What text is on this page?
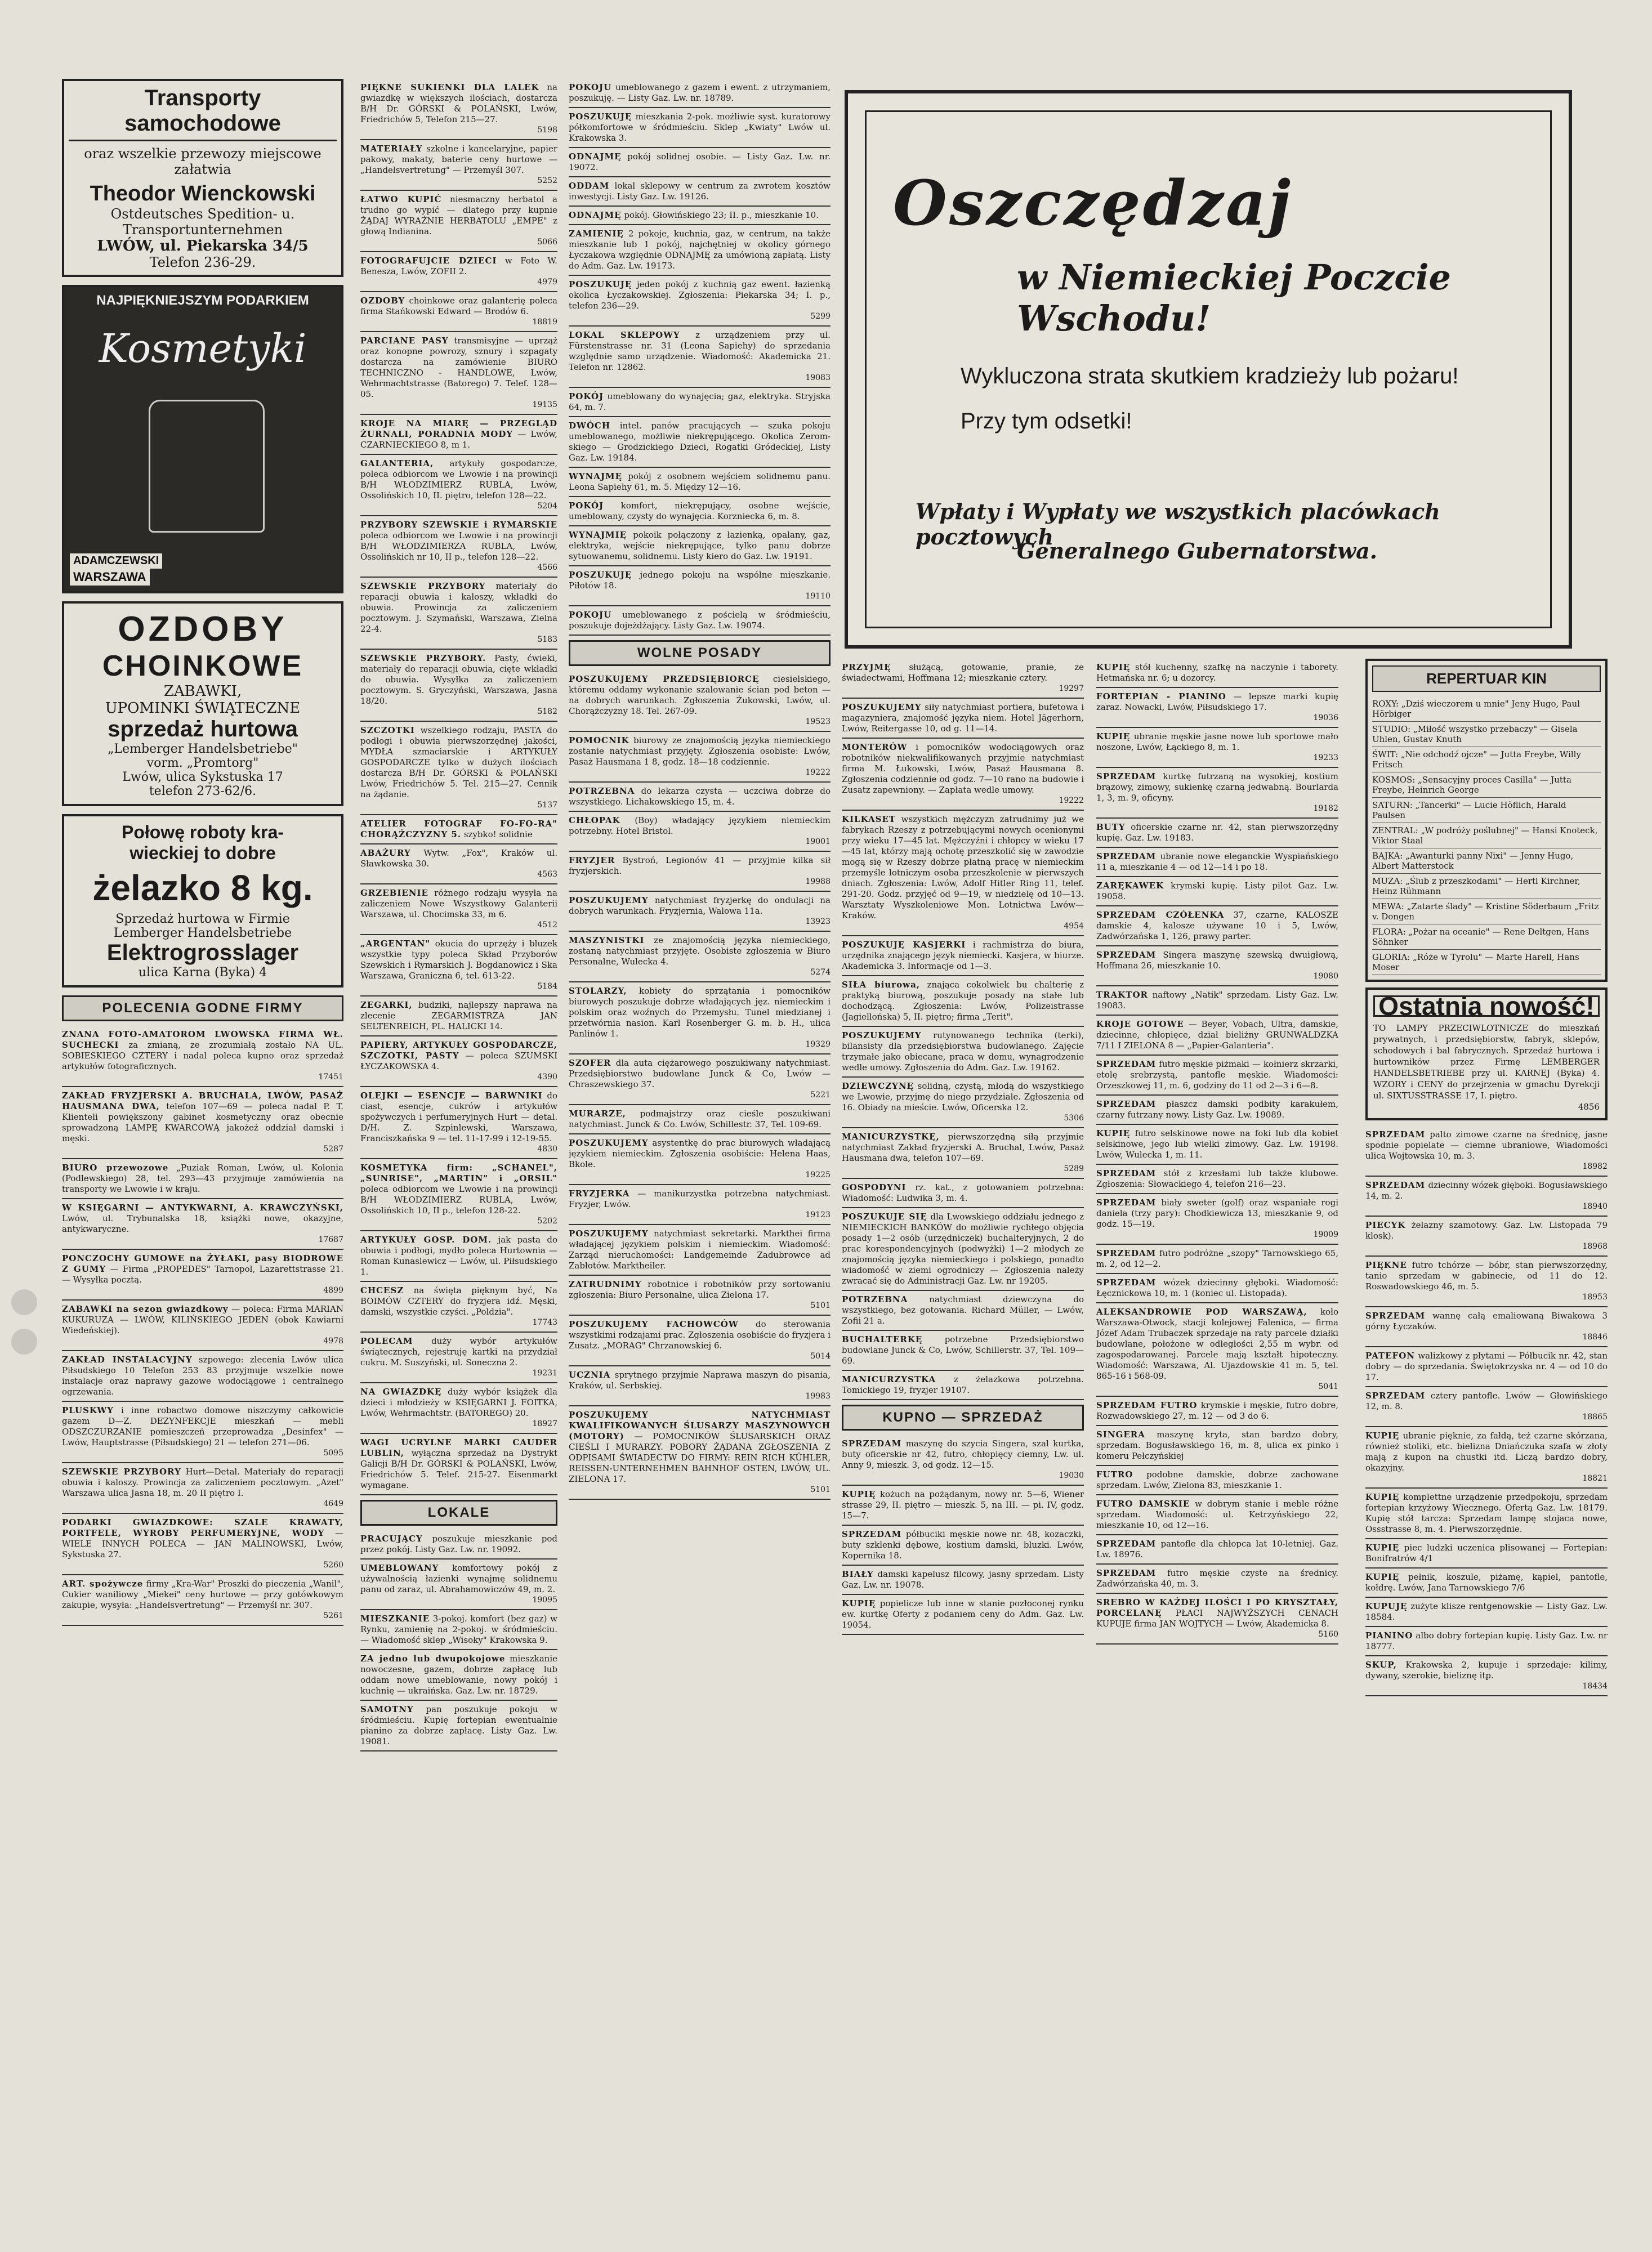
Transporty samochodowe
oraz wszelkie przewozy miejscowe załatwia
Theodor Wienckowski
Ostdeutsches Spedition- u. Transportunternehmen
LWÓW, ul. Piekarska 34/5
Telefon 236-29.
NAJPIĘKNIEJSZYM PODARKIEM
Kosmetyki
ADAMCZEWSKI
WARSZAWA
OZDOBY
CHOINKOWE
ZABAWKI,
UPOMINKI ŚWIĄTECZNE
sprzedaż hurtowa
„Lemberger Handelsbetriebe"
vorm. „Promtorg"
Lwów, ulica Sykstuska 17
telefon 273-62/6.
Połowę roboty kra-
wieckiej to dobre
żelazko 8 kg.
Sprzedaż hurtowa w Firmie
Lemberger Handelsbetriebe
Elektrogrosslager
ulica Karna (Byka) 4
POLECENIA GODNE FIRMY
ZNANA FOTO-AMATOROM LWOWSKA FIRMA WŁ. SUCHECKI za zmianą, ze zrozumiałą zostało NA UL. SOBIESKIEGO CZTERY i nadal poleca kupno oraz sprzedaż artykułów fotograficznych.
17451
ZAKŁAD FRYZJERSKI A. BRUCHALA, LWÓW, PASAŻ HAUSMANA DWA, telefon 107—69 — poleca nadal P. T. Klienteli powiększony gabinet kosmetyczny oraz obecnie sprowadzoną LAMPĘ KWARCOWĄ jakożeż oddział damski i męski.
5287
BIURO przewozowe „Puziak Roman, Lwów, ul. Kolonia (Podlewskiego) 28, tel. 293—43 przyjmuje zamówienia na transporty we Lwowie i w kraju.
W KSIĘGARNI — ANTYKWARNI, A. KRAWCZYŃSKI, Lwów, ul. Trybunalska 18, książki nowe, okazyjne, antykwaryczne.
17687
PONCZOCHY GUMOWE na ŻYŁAKI, pasy BIODROWE Z GUMY — Firma „PROPEDES" Tarnopol, Lazarettstrasse 21. — Wysyłka pocztą.
4899
ZABAWKI na sezon gwiazdkowy — poleca: Firma MARIAN KUKURUZA — LWÓW, KILIŃSKIEGO JEDEN (obok Kawiarni Wiedeńskiej).
4978
ZAKŁAD INSTALACYJNY szpowego: zlecenia Lwów ulica Piłsudskiego 10 Telefon 253 83 przyjmuje wszelkie nowe instalacje oraz naprawy gazowe wodociągowe i centralnego ogrzewania.
PLUSKWY i inne robactwo domowe niszczymy całkowicie gazem D—Z. DEZYNFEKCJE mieszkań — mebli ODSZCZURZANIE pomieszczeń przeprowadza „Desinfex" — Lwów, Hauptstrasse (Piłsudskiego) 21 — telefon 271—06.
5095
SZEWSKIE PRZYBORY Hurt—Detal. Materiały do reparacji obuwia i kaloszy. Prowincja za zaliczeniem pocztowym. „Azet" Warszawa ulica Jasna 18, m. 20 II piętro I.
4649
PODARKI GWIAZDKOWE: SZALE KRAWATY, PORTFELE, WYROBY PERFUMERYJNE, WODY — WIELE INNYCH POLECA — JAN MALINOWSKI, Lwów, Sykstuska 27.
5260
ART. spożywcze firmy „Kra-War" Proszki do pieczenia „Wanil", Cukier waniliowy „Miekei" ceny hurtowe — przy gotówkowym zakupie, wysyła: „Handelsvertretung" — Przemyśl nr. 307.
5261
PIĘKNE SUKIENKI DLA LALEK na gwiazdkę w większych ilościach, dostarcza B/H Dr. GÓRSKI & POLAŃSKI, Lwów, Friedrichów 5, Telefon 215—27.
5198
MATERIAŁY szkolne i kancelaryjne, papier pakowy, makaty, baterie ceny hurtowe — „Handelsvertretung" — Przemyśl 307.
5252
ŁATWO KUPIĆ niesmaczny herbatol a trudno go wypić — dlatego przy kupnie ŻĄDAJ WYRAŹNIE HERBATOLU „EMPE" z głową Indianina.
5066
FOTOGRAFUJCIE DZIECI w Foto W. Benesza, Lwów, ZOFII 2.
4979
OZDOBY choinkowe oraz galanterię poleca firma Stańkowski Edward — Brodów 6.
18819
PARCIANE PASY transmisyjne — uprząż oraz konopne powrozy, sznury i szpagaty dostarcza na zamówienie BIURO TECHNICZNO - HANDLOWE, Lwów, Wehrmachtstrasse (Batorego) 7. Telef. 128—05.
19135
KROJE NA MIARĘ — PRZEGLĄD ŻURNALI, PORADNIA MODY — Lwów, CZARNIECKIEGO 8, m 1.
GALANTERIA, artykuły gospodarcze, poleca odbiorcom we Lwowie i na prowincji B/H WŁODZIMIERZ RUBLA, Lwów, Ossolińskich 10, II. piętro, telefon 128—22.
5204
PRZYBORY SZEWSKIE i RYMARSKIE poleca odbiorcom we Lwowie i na prowincji B/H WŁODZIMIERZA RUBLA, Lwów, Ossolińskich nr 10, II p., telefon 128—22.
4566
SZEWSKIE PRZYBORY materiały do reparacji obuwia i kaloszy, wkładki do obuwia. Prowincja za zaliczeniem pocztowym. J. Szymański, Warszawa, Zielna 22-4.
5183
SZEWSKIE PRZYBORY. Pasty, ćwieki, materiały do reparacji obuwia, cięte wkładki do obuwia. Wysyłka za zaliczeniem pocztowym. S. Gryczyński, Warszawa, Jasna 18/20.
5182
SZCZOTKI wszelkiego rodzaju, PASTA do podłogi i obuwia pierwszorzędnej jakości, MYDŁA szmaciarskie i ARTYKUŁY GOSPODARCZE tylko w dużych ilościach dostarcza B/H Dr. GÓRSKI & POLAŃSKI Lwów, Friedrichów 5. Tel. 215—27. Cennik na żądanie.
5137
ATELIER FOTOGRAF FO-FO-RA" CHORĄŻCZYZNY 5. szybko! solidnie
ABAŻURY Wytw. „Fox", Kraków ul. Sławkowska 30.
4563
GRZEBIENIE różnego rodzaju wysyła na zaliczeniem Nowe Wszystkowy Galanterii Warszawa, ul. Chocimska 33, m 6.
4512
„ARGENTAN" okucia do uprzęży i bluzek wszystkie typy poleca Skład Przyborów Szewskich i Rymarskich J. Bogdanowicz i Ska Warszawa, Graniczna 6, tel. 613-22.
5184
ZEGARKI, budziki, najlepszy naprawa na zlecenie ZEGARMISTRZA JAN SELTENREICH, PL. HALICKI 14.
PAPIERY, ARTYKUŁY GOSPODARCZE, SZCZOTKI, PASTY — poleca SZUMSKI ŁYCZAKOWSKA 4.
4390
OLEJKI — ESENCJE — BARWNIKI do ciast, esencje, cukrów i artykułów spożywczych i perfumeryjnych Hurt — detal. D/H. Z. Szpinlewski, Warszawa, Franciszkańska 9 — tel. 11-17-99 i 12-19-55.
4830
KOSMETYKA firm: „SCHANEL", „SUNRISE", „MARTIN" i „ORSIL" poleca odbiorcom we Lwowie i na prowincji B/H WŁODZIMIERZ RUBLA, Lwów, Ossolińskich 10, II p., telefon 128-22.
5202
ARTYKUŁY GOSP. DOM. jak pasta do obuwia i podłogi, mydło poleca Hurtownia — Roman Kunaslewicz — Lwów, ul. Piłsudskiego 1.
CHCESZ na święta pięknym być, Na BOIMÓW CZTERY do fryzjera idź. Męski, damski, wszystkie czyści. „Poldzia".
17743
POLECAM duży wybór artykułów świątecznych, rejestruję kartki na przydział cukru. M. Suszyński, ul. Sonecznа 2.
19231
NA GWIAZDKĘ duży wybór książek dla dzieci i młodzieży w KSIĘGARNI J. FOITKA, Lwów, Wehrmachtstr. (BATOREGO) 20.
18927
WAGI UCRYLNE MARKI CAUDER LUBLIN, wyłączna sprzedaż na Dystrykt Galicji B/H Dr. GÓRSKI & POLAŃSKI, Lwów, Friedrichów 5. Telef. 215-27. Eisenmarkt wymagane.
LOKALE
PRACUJĄCY poszukuje mieszkanie pod przez pokój. Listy Gaz. Lw. nr. 19092.
UMEBLOWANY komfortowy pokój z używalnością łazienki wynajmę solidnemu panu od zaraz, ul. Abrahamowiczów 49, m. 2.
19095
MIESZKANIE 3-pokoj. komfort (bez gaz) w Rynku, zamienię na 2-pokoj. w śródmieściu. — Wiadomość sklep „Wisoky" Krakowska 9.
ZA jedno lub dwupokojowe mieszkanie nowoczesne, gazem, dobrze zapłacę lub oddam nowe umeblowanie, nowy pokój i kuchnię — ukraińskа. Gaz. Lw. nr. 18729.
SAMOTNY pan poszukuje pokoju w śródmieściu. Kupię fortepian ewentualnie pianino za dobrze zapłacę. Listy Gaz. Lw. 19081.
POKOJU umeblowanego z gazem i ewent. z utrzymaniem, poszukuję. — Listy Gaz. Lw. nr. 18789.
POSZUKUJĘ mieszkania 2-pok. możliwie syst. kuratorowy półkomfortowe w śródmieściu. Sklep „Kwiaty" Lwów ul. Krakowska 3.
ODNAJMĘ pokój solidnej osobie. — Listy Gaz. Lw. nr. 19072.
ODDAM lokal sklepowy w centrum za zwrotem kosztów inwestycji. Listy Gaz. Lw. 19126.
ODNAJMĘ pokój. Głowińskiego 23; II. p., mieszkanie 10.
ZAMIENIĘ 2 pokoje, kuchnia, gaz, w centrum, na także mieszkanie lub 1 pokój, najchętniej w okolicy górnego Łyczakowa względnie ODNAJMĘ za umówioną zapłatą. Listy do Adm. Gaz. Lw. 19173.
POSZUKUJĘ jeden pokój z kuchnią gaz ewent. łazienką okolica Łyczakowskiej. Zgłoszenia: Piekarska 34; I. p., telefon 236—29.
5299
LOKAL SKLEPOWY z urządzeniem przy ul. Fürstenstrasse nr. 31 (Leona Sapiehy) do sprzedania względnie samo urządzenie. Wiadomość: Akademicka 21. Telefon nr. 12862.
19083
POKÓJ umeblowany do wynajęcia; gaz, elektryka. Stryjska 64, m. 7.
DWÓCH intel. panów pracujących — szuka pokoju umeblowanego, możliwie niekrępującego. Okolica Zerom-skiego — Grodzickiego Dzieci, Rogatki Gródeckiej, Listy Gaz. Lw. 19184.
WYNAJMĘ pokój z osobnem wejściem solidnemu panu. Leona Sapiehy 61, m. 5. Między 12—16.
POKÓJ komfort, niekrępujący, osobne wejście, umeblowany, czysty do wynajęcia. Korzniecka 6, m. 8.
WYNAJMIĘ pokoik połączony z łazienką, opalany, gaz, elektryka, wejście niekrępujące, tylko panu dobrze sytuowanemu, solidnemu. Listy kiero do Gaz. Lw. 19191.
POSZUKUJĘ jednego pokoju na wspólne mieszkanie. Piłotów 18.
19110
POKOJU umeblowanego z pościelą w śródmieściu, poszukuje dojeżdżający. Listy Gaz. Lw. 19074.
WOLNE POSADY
POSZUKUJEMY PRZEDSIĘBIORCĘ ciesielskiego, któremu oddamy wykonanie szalowanie ścian pod beton — na dobrych warunkach. Zgłoszenia Żukowski, Lwów, ul. Chorążczyzny 18. Tel. 267-09.
19523
POMOCNIK biurowy ze znajomością języka niemieckiego zostanie natychmiast przyjęty. Zgłoszenia osobiste: Lwów, Pasaż Hausmana 1 8, godz. 18—18 codziennie.
19222
POTRZEBNA do lekarza czysta — uczciwa dobrze do wszystkiego. Lichakowskiego 15, m. 4.
CHŁOPAK (Boy) władający językiem niemieckim potrzebny. Hotel Bristol.
19001
FRYZJER Bystroń, Legionów 41 — przyjmie kilka sił fryzjerskich.
19988
POSZUKUJEMY natychmiast fryzjerkę do ondulacji na dobrych warunkach. Fryzjernia, Walowa 11a.
13923
MASZYNISTKI ze znajomością języka niemieckiego, zostaną natychmiast przyjęte. Osobiste zgłoszenia w Biuro Personalne, Wulecka 4.
5274
STOLARZY, kobiety do sprzątania i pomocników biurowych poszukuje dobrze władających jęz. niemieckim i polskim oraz woźnych do Przemysłu. Tunel miedzianej i przetwórnia nasion. Karl Rosenberger G. m. b. H., ulica Panlinów 1.
19329
SZOFER dla auta ciężarowego poszukiwany natychmiast. Przedsiębiorstwo budowlane Junck & Co, Lwów — Chraszewskiego 37.
5221
MURARZE, podmajstrzy oraz cieśle poszukiwani natychmiast. Junck & Co. Lwów, Schillestr. 37, Tel. 109-69.
POSZUKUJEMY asystentkę do prac biurowych władającą językiem niemieckim. Zgłoszenia osobiście: Helena Haas, Bkole.
19225
FRYZJERKA — manikurzystka potrzebna natychmiast. Fryzjer, Lwów.
19123
POSZUKUJEMY natychmiast sekretarki. Markthei firma władającej językiem polskim i niemieckim. Wiadomość: Zarząd nieruchomości: Landgemeinde Zadubrowce ad Zabłotów. Marktheiler.
ZATRUDNIMY robotnice i robotników przy sortowaniu zgłoszenia: Biuro Personalne, ulica Zielona 17.
5101
POSZUKUJEMY FACHOWCÓW do sterowania wszystkimi rodzajami prac. Zgłoszenia osobiście do fryzjera i Zusatz. „MORAG" Chrzanowskiej 6.
5014
UCZNIA sprytnego przyjmie Naprawa maszyn do pisania, Kraków, ul. Serbskiej.
19983
POSZUKUJEMY NATYCHMIAST KWALIFIKOWANYCH ŚLUSARZY MASZYNOWYCH (MOTORY) — POMOCNIKÓW ŚLUSARSKICH ORAZ CIEŚLI I MURARZY. POBORY ŻĄDANA ZGŁOSZENIA Z ODPISAMI ŚWIADECTW DO FIRMY: REIN RICH KÜHLER, REISSEN-UNTERNEHMEN BAHNHOF OSTEN, LWÓW, UL. ZIELONA 17.
5101
Oszczędzaj
w Niemieckiej Poczcie Wschodu!
Wykluczona strata skutkiem kradzieży lub pożaru!
Przy tym odsetki!
Wpłaty i Wypłaty we wszystkich placówkach pocztowych
Generalnego Gubernatorstwa.
PRZYJMĘ służącą, gotowanie, pranie, ze świadectwami, Hoffmana 12; mieszkanie cztery.
19297
POSZUKUJEMY siły natychmiast portiera, bufetowa i magazyniera, znajomość języka niem. Hotel Jägerhorn, Lwów, Reitergasse 10, od g. 11—14.
MONTERÓW i pomocników wodociągowych oraz robotników niekwalifikowanych przyjmie natychmiast firma M. Łukowski, Lwów, Pasaż Hausmana 8. Zgłoszenia codziennie od godz. 7—10 rano na budowie i Zusatz zapewniony. — Zapłata wedle umowy.
19222
KILKASET wszystkich mężczyzn zatrudnimy już we fabrykach Rzeszy z potrzebującymi nowych ocenionymi przy wieku 17—45 lat. Mężczyźni i chłopcy w wieku 17—45 lat, którzy mają ochotę przeszkolić się w zawodzie mogą się w Rzeszy dobrze płatną pracę w niemieckim przemyśle lotniczym osoba przeszkolenie w pierwszych dniach. Zgłoszenia: Lwów, Adolf Hitler Ring 11, telef. 291-20. Godz. przyjęć od 9—19, w niedzielę od 10—13. Warsztaty Wyszkoleniowe Mon. Lotnictwa Lwów—Kraków.
4954
POSZUKUJĘ KASJERKI i rachmistrza do biura, urzędnika znającego język niemiecki. Kasjera, w biurze. Akademicka 3. Informacje od 1—3.
SIŁA biurowa, znająca cokolwiek bu chalterię z praktyką biurową, poszukuje posady na stałe lub dochodzącą. Zgłoszenia: Lwów, Polizeistrasse (Jagiellońska) 5, II. piętro; firma „Terit".
POSZUKUJEMY rutynowanego technika (terki), bilansisty dla przedsiębiorstwa budowlanego. Zajęcie trzymałe jako obiecane, praca w domu, wynagrodzenie wedle umowy. Zgłoszenia do Adm. Gaz. Lw. 19162.
DZIEWCZYNĘ solidną, czystą, młodą do wszystkiego we Lwowie, przyjmę do niego przydziale. Zgłoszenia od 16. Obiady na mieście. Lwów, Oficerska 12.
5306
MANICURZYSTKĘ, pierwszorzędną siłą przyjmie natychmiast Zakład fryzjerski A. Bruchal, Lwów, Pasaż Hausmana dwa, telefon 107—69.
5289
GOSPODYNI rz. kat., z gotowaniem potrzebna: Wiadomość: Ludwika 3, m. 4.
POSZUKUJE SIĘ dla Lwowskiego oddziału jednego z NIEMIECKICH BANKÓW do możliwie rychłego objęcia posady 1—2 osób (urzędniczek) buchalteryjnych, 2 do prac korespondencyjnych (podwyżki) 1—2 młodych ze znajomością języka niemieckiego i polskiego, ponadto wiadomość w ziemi ogrodniczy — Zgłoszenia należy zwracać się do Administracji Gaz. Lw. nr 19205.
POTRZEBNA natychmiast dziewczyna do wszystkiego, bez gotowania. Richard Müller, — Lwów, Zofii 21 a.
BUCHALTERKĘ potrzebne Przedsiębiorstwo budowlane Junck & Co, Lwów, Schillerstr. 37, Tel. 109—69.
MANICURZYSTKA z żelazkowa potrzebna. Tomickiego 19, fryzjer 19107.
KUPNO — SPRZEDAŻ
SPRZEDAM maszynę do szycia Singera, szal kurtka, buty oficerskie nr 42, futro, chłopięcy ciemny, Lw. ul. Anny 9, mieszk. 3, od godz. 12—15.
19030
KUPIĘ kożuch na pożądanym, nowy nr. 5—6, Wiener strasse 29, II. piętro — mieszk. 5, na III. — pi. IV, godz. 15—7.
SPRZEDAM półbuciki męskie nowe nr. 48, kozaczki, buty szklenki dębowe, kostium damski, bluzki. Lwów, Kopernika 18.
BIAŁY damski kapelusz filcowy, jasny sprzedam. Listy Gaz. Lw. nr. 19078.
KUPIĘ popielicze lub inne w stanie pozłoconej rynku ew. kurtkę Oferty z podaniem ceny do Adm. Gaz. Lw. 19054.
KUPIĘ stół kuchenny, szafkę na naczynie i taborety. Hetmańska nr. 6; u dozorcy.
FORTEPIAN - PIANINO — lepsze marki kupię zaraz. Nowacki, Lwów, Piłsudskiego 17.
19036
KUPIĘ ubranie męskie jasne nowe lub sportowe mało noszone, Lwów, Łąckiego 8, m. 1.
19233
SPRZEDAM kurtkę futrzaną na wysokiej, kostium brązowy, zimowy, sukienkę czarną jedwabną. Bourlarda 1, 3, m. 9, oficyny.
19182
BUTY oficerskie czarne nr. 42, stan pierwszorzędny kupię. Gaz. Lw. 19183.
SPRZEDAM ubranie nowe eleganckie Wyspiańskiego 11 a, mieszkanie 4 — od 12—14 i po 18.
ZARĘKAWEK krymski kupię. Listy pilot Gaz. Lw. 19058.
SPRZEDAM CZÓŁENKA 37, czarne, KALOSZE damskie 4, kalosze używane 10 i 5, Lwów, Zadwórzańska 1, 126, prawy parter.
SPRZEDAM Singera maszynę szewską dwuigłową, Hoffmana 26, mieszkanie 10.
19080
TRAKTOR naftowy „Natik" sprzedam. Listy Gaz. Lw. 19083.
KROJE GOTOWE — Beyer, Vobach, Ultra, damskie, dziecinne, chłopięce, dział bieliżny GRUNWALDZKA 7/11 I ZIELONA 8 — „Papier-Galanteria".
SPRZEDAM futro męskie piżmaki — kołnierz skrzarki, etolę srebrzystą, pantofle męskie. Wiadomości: Orzeszkowej 11, m. 6, godziny do 11 od 2—3 i 6—8.
SPRZEDAM płaszcz damski podbity karakułem, czarny futrzany nowy. Listy Gaz. Lw. 19089.
KUPIĘ futro selskinowe nowe na foki lub dla kobiet selskinowe, jego lub wielki zimowy. Gaz. Lw. 19198. Lwów, Wulecka 1, m. 11.
SPRZEDAM stół z krzesłami lub także klubowe. Zgłoszenia: Słowackiego 4, telefon 216—23.
SPRZEDAM biały sweter (golf) oraz wspaniałe rogi daniela (trzy pary): Chodkiewicza 13, mieszkanie 9, od godz. 15—19.
19009
SPRZEDAM futro podróżne „szopy" Tarnowskiego 65, m. 2, od 12—2.
SPRZEDAM wózek dziecinny głęboki. Wiadomość: Łęcznickowa 10, m. 1 (koniec ul. Listopada).
ALEKSANDROWIE POD WARSZAWĄ, koło Warszawa-Otwock, stacji kolejowej Falenica, — firma Józef Adam Trubaczek sprzedaje na raty parcele działki budowlane, położone w odległości 2,55 m wybr. od zagospodarowanej. Parcele mają kształt hipoteczny. Wiadomość: Warszawa, Al. Ujazdowskie 41 m. 5, tel. 865-16 i 568-09.
5041
SPRZEDAM FUTRO krymskie i męskie, futro dobre, Rozwadowskiego 27, m. 12 — od 3 do 6.
SINGERA maszynę kryta, stan bardzo dobry, sprzedam. Bogusławskiego 16, m. 8, ulica ex pinko i komeru Pełczyńskiej
FUTRO podobne damskie, dobrze zachowane sprzedam. Lwów, Zielona 83, mieszkanie 1.
FUTRO DAMSKIE w dobrym stanie i meble różne sprzedam. Wiadomość: ul. Ketrzyńskiego 22, mieszkanie 10, od 12—16.
SPRZEDAM pantofle dla chłopca lat 10-letniej. Gaz. Lw. 18976.
SPRZEDAM futro męskie czyste na średnicy. Zadwórzańska 40, m. 3.
SREBRO W KAŻDEJ ILOŚCI I PO KRYSZTAŁY, PORCELANĘ PŁACI NAJWYŻSZYCH CENACH KUPUJE firma JAN WOJTYCH — Lwów, Akademicka 8.
5160
REPERTUAR KIN
ROXY: „Dziś wieczorem u mnie" Jeny Hugo, Paul Hörbiger
STUDIO: „Miłość wszystko przebaczy" — Gisela Uhlen, Gustav Knuth
ŚWIT: „Nie odchodź ojcze" — Jutta Freybe, Willy Fritsch
KOSMOS: „Sensacyjny proces Casilla" — Jutta Freybe, Heinrich George
SATURN: „Tancerki" — Lucie Höflich, Harald Paulsen
ZENTRAL: „W podróży poślubnej" — Hansi Knoteck, Viktor Staal
BAJKA: „Awanturki panny Nixi" — Jenny Hugo, Albert Matterstock
MUZA: „Ślub z przeszkodami" — Hertl Kirchner, Heinz Rühmann
MEWA: „Zatarte ślady" — Kristine Söderbaum „Fritz v. Dongen
FLORA: „Pożar na oceanie" — Rene Deltgen, Hans Söhnker
GLORIA: „Róże w Tyrolu" — Marte Harell, Hans Moser
Ostatnia nowość!
TO LAMPY PRZECIWLOTNICZE do mieszkań prywatnych, i przedsiębiorstw, fabryk, sklepów, schodowych i bal fabrycznych. Sprzedaż hurtowa i hurtowników przez Firmę LEMBERGER HANDELSBETRIEBE przy ul. KARNEJ (Byka) 4. WZORY i CENY do przejrzenia w gmachu Dyrekcji ul. SIXTUSSTRASSE 17, I. piętro.
4856
SPRZEDAM palto zimowe czarne na średnicę, jasne spodnie popielate — ciemne ubraniowe, Wiadomości ulica Wojtowska 10, m. 3.
18982
SPRZEDAM dziecinny wózek głęboki. Bogusławskiego 14, m. 2.
18940
PIECYK żelazny szamotowy. Gaz. Lw. Listopada 79 klosk).
18968
PIĘKNE futro tchórze — bóbr, stan pierwszorzędny, tanio sprzedam w gabinecie, od 11 do 12. Roswadowskiego 46, m. 5.
18953
SPRZEDAM wannę całą emaliowaną Biwakowa 3 górny Łyczaków.
18846
PATEFON walizkowy z płytami — Półbucik nr. 42, stan dobry — do sprzedania. Świętokrzyska nr. 4 — od 10 do 17.
SPRZEDAM cztery pantofle. Lwów — Głowińskiego 12, m. 8.
18865
KUPIĘ ubranie pięknie, za fałdą, też czarne skórzana, również stoliki, etc. bielizna Dniańczuka szafa w złoty mają z kupon na chustki itd. Liczą bardzo dobry, okazyjny.
18821
KUPIĘ komplettne urządzenie przedpokoju, sprzedam fortepian krzyżowy Wiecznego. Ofertą Gaz. Lw. 18179. Kupię stół tarcza: Sprzedam lampę stojaca nowe, Ossstrasse 8, m. 4. Pierwszorzędnie.
KUPIĘ piec ludzki uczenica plisowanej — Fortepian: Bonifratrów 4/1
KUPIĘ pełnik, koszule, piżamę, kąpiel, pantofle, kołdrę. Lwów, Jana Tarnowskiego 7/6
KUPUJĘ zużyte klisze rentgenowskie — Listy Gaz. Lw. 18584.
PIANINO albo dobry fortepian kupię. Listy Gaz. Lw. nr 18777.
SKUP, Krakowska 2, kupuje i sprzedaje: kilimy, dywany, szerokie, bieliznę itp.
18434
